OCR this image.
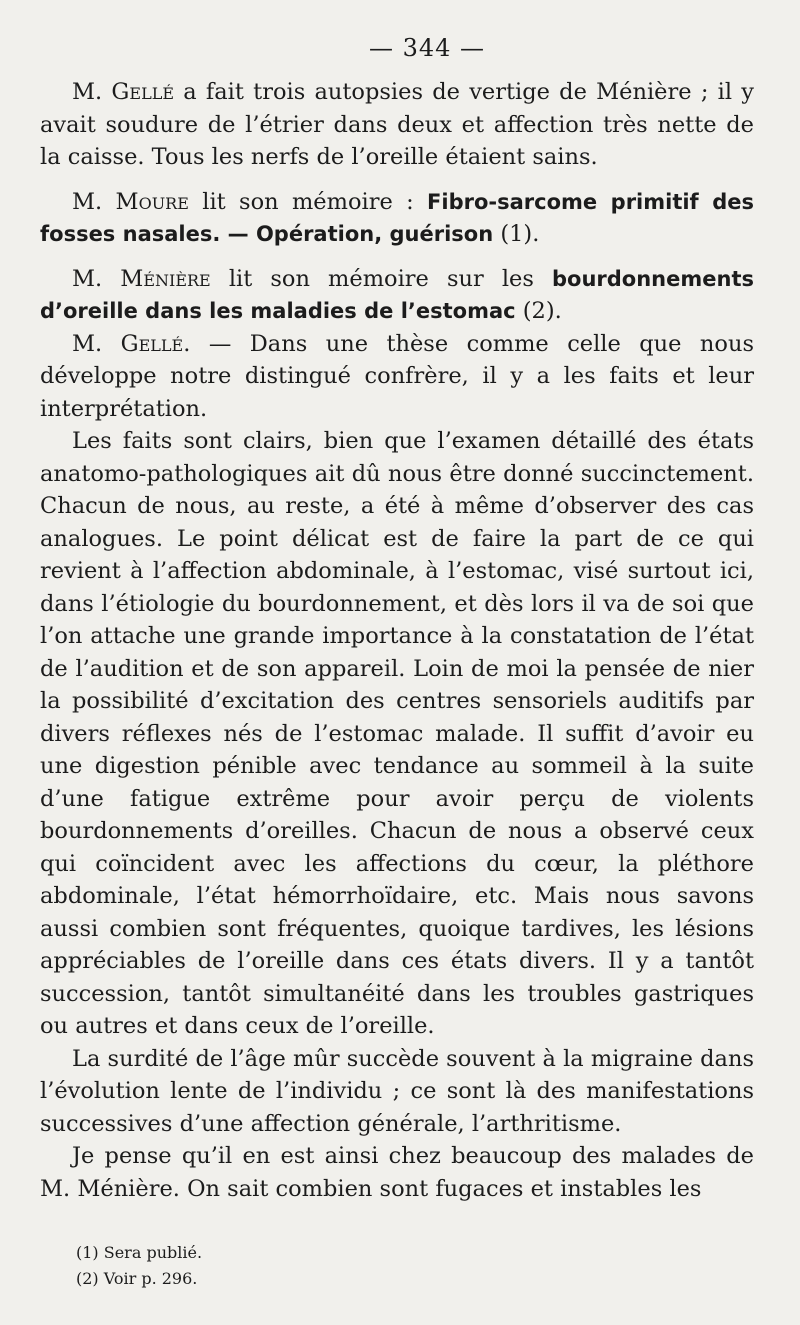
— 344 —

M. Gellé a fait trois autopsies de vertige de Ménière ; il y avait soudure de l’étrier dans deux et affection très nette de la caisse. Tous les nerfs de l’oreille étaient sains.

M. Moure lit son mémoire : Fibro-sarcome primitif des fosses nasales. — Opération, guérison (1).

M. Ménière lit son mémoire sur les bourdonnements d’oreille dans les maladies de l’estomac (2).

M. Gellé. — Dans une thèse comme celle que nous développe notre distingué confrère, il y a les faits et leur interprétation.

Les faits sont clairs, bien que l’examen détaillé des états anatomo-pathologiques ait dû nous être donné succinctement. Chacun de nous, au reste, a été à même d’observer des cas analogues. Le point délicat est de faire la part de ce qui revient à l’affection abdominale, à l’estomac, visé surtout ici, dans l’étiologie du bourdonnement, et dès lors il va de soi que l’on attache une grande importance à la constatation de l’état de l’audition et de son appareil. Loin de moi la pensée de nier la possibilité d’excitation des centres sensoriels auditifs par divers réflexes nés de l’estomac malade. Il suffit d’avoir eu une digestion pénible avec tendance au sommeil à la suite d’une fatigue extrême pour avoir perçu de violents bourdonnements d’oreilles. Chacun de nous a observé ceux qui coïncident avec les affections du cœur, la pléthore abdominale, l’état hémorrhoïdaire, etc. Mais nous savons aussi combien sont fréquentes, quoique tardives, les lésions appréciables de l’oreille dans ces états divers. Il y a tantôt succession, tantôt simultanéité dans les troubles gastriques ou autres et dans ceux de l’oreille.

La surdité de l’âge mûr succède souvent à la migraine dans l’évolution lente de l’individu ; ce sont là des manifestations successives d’une affection générale, l’arthritisme.

Je pense qu’il en est ainsi chez beaucoup des malades de M. Ménière. On sait combien sont fugaces et instables les

(1) Sera publié.

(2) Voir p. 296.
